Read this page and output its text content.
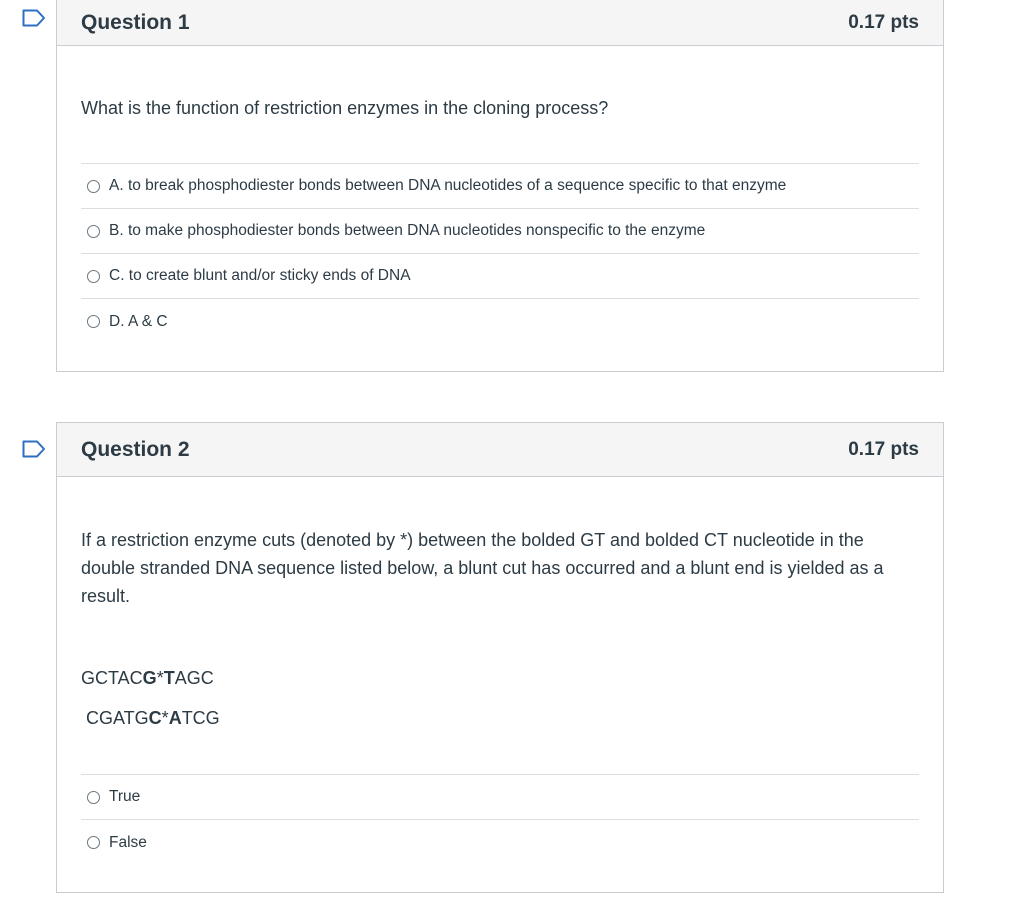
Question 1	0.17 pts
What is the function of restriction enzymes in the cloning process?
A. to break phosphodiester bonds between DNA nucleotides of a sequence specific to that enzyme
B. to make phosphodiester bonds between DNA nucleotides nonspecific to the enzyme
C. to create blunt and/or sticky ends of DNA
D. A & C
Question 2	0.17 pts
If a restriction enzyme cuts (denoted by *) between the bolded GT and bolded CT nucleotide in the double stranded DNA sequence listed below, a blunt cut has occurred and a blunt end is yielded as a result.
GCTACG*TAGC
CGATGC*ATCG
True
False
